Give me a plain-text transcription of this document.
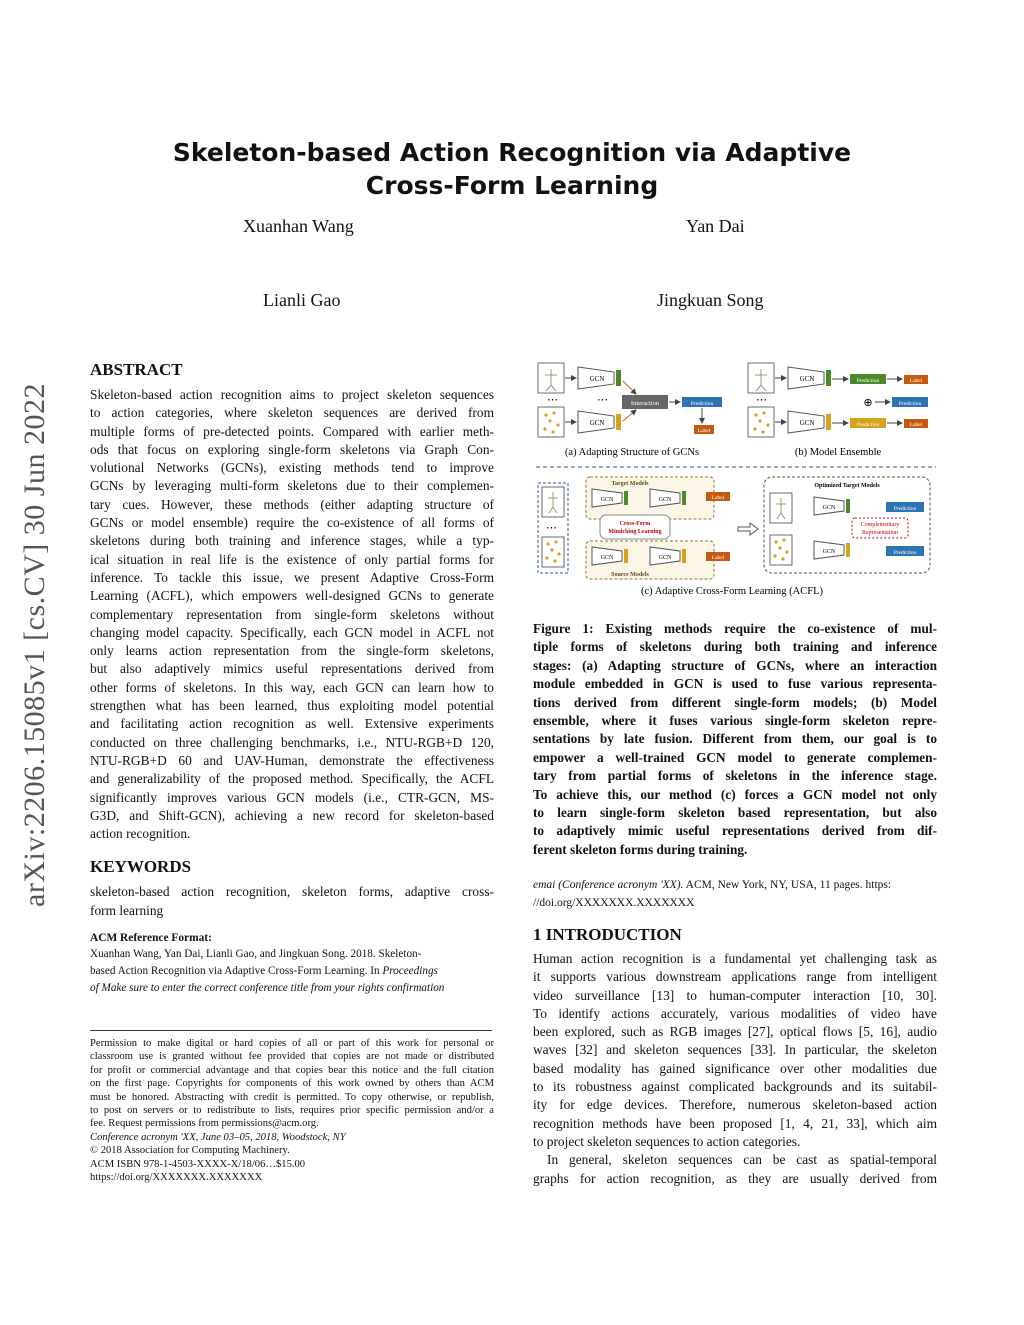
arXiv:2206.15085v1 [cs.CV] 30 Jun 2022
Skeleton-based Action Recognition via Adaptive
Cross-Form Learning
Xuanhan Wang	Yan Dai
Lianli Gao	Jingkuan Song
ABSTRACT
Skeleton-based action recognition aims to project skeleton sequences
to action categories, where skeleton sequences are derived from
multiple forms of pre-detected points. Compared with earlier meth-
ods that focus on exploring single-form skeletons via Graph Con-
volutional Networks (GCNs), existing methods tend to improve
GCNs by leveraging multi-form skeletons due to their complemen-
tary cues. However, these methods (either adapting structure of
GCNs or model ensemble) require the co-existence of all forms of
skeletons during both training and inference stages, while a typ-
ical situation in real life is the existence of only partial forms for
inference. To tackle this issue, we present Adaptive Cross-Form
Learning (ACFL), which empowers well-designed GCNs to generate
complementary representation from single-form skeletons without
changing model capacity. Specifically, each GCN model in ACFL not
only learns action representation from the single-form skeletons,
but also adaptively mimics useful representations derived from
other forms of skeletons. In this way, each GCN can learn how to
strengthen what has been learned, thus exploiting model potential
and facilitating action recognition as well. Extensive experiments
conducted on three challenging benchmarks, i.e., NTU-RGB+D 120,
NTU-RGB+D 60 and UAV-Human, demonstrate the effectiveness
and generalizability of the proposed method. Specifically, the ACFL
significantly improves various GCN models (i.e., CTR-GCN, MS-
G3D, and Shift-GCN), achieving a new record for skeleton-based
action recognition.
KEYWORDS
skeleton-based action recognition, skeleton forms, adaptive cross-
form learning
ACM Reference Format:
Xuanhan Wang, Yan Dai, Lianli Gao, and Jingkuan Song. 2018. Skeleton-
based Action Recognition via Adaptive Cross-Form Learning. In Proceedings
of Make sure to enter the correct conference title from your rights confirmation
Permission to make digital or hard copies of all or part of this work for personal or
classroom use is granted without fee provided that copies are not made or distributed
for profit or commercial advantage and that copies bear this notice and the full citation
on the first page. Copyrights for components of this work owned by others than ACM
must be honored. Abstracting with credit is permitted. To copy otherwise, or republish,
to post on servers or to redistribute to lists, requires prior specific permission and/or a
fee. Request permissions from permissions@acm.org.
Conference acronym 'XX, June 03–05, 2018, Woodstock, NY
© 2018 Association for Computing Machinery.
ACM ISBN 978-1-4503-XXXX-X/18/06…$15.00
https://doi.org/XXXXXXX.XXXXXXX
⋯
GCN
GCN
⋯	Interaction	Prediction
Label
(a) Adapting Structure of GCNs
⋯
GCN
GCN
Prediction	Label
Prediction	Label
⊕	Prediction
(b) Model Ensemble
⋯
Target Models
GCN	GCN	Label
Cross-Form
Mimicking Learning
GCN	GCN	Label
Source Models
Optimized Target Models
GCN
GCN
Complementary
Representation
Prediction
Prediction
(c) Adaptive Cross-Form Learning (ACFL)
Figure 1: Existing methods require the co-existence of mul-
tiple forms of skeletons during both training and inference
stages: (a) Adapting structure of GCNs, where an interaction
module embedded in GCN is used to fuse various representa-
tions derived from different single-form models; (b) Model
ensemble, where it fuses various single-form skeleton repre-
sentations by late fusion. Different from them, our goal is to
empower a well-trained GCN model to generate complemen-
tary from partial forms of skeletons in the inference stage.
To achieve this, our method (c) forces a GCN model not only
to learn single-form skeleton based representation, but also
to adaptively mimic useful representations derived from dif-
ferent skeleton forms during training.
emai (Conference acronym 'XX). ACM, New York, NY, USA, 11 pages. https:
//doi.org/XXXXXXX.XXXXXXX
1 INTRODUCTION
Human action recognition is a fundamental yet challenging task as
it supports various downstream applications range from intelligent
video surveillance [13] to human-computer interaction [10, 30].
To identify actions accurately, various modalities of video have
been explored, such as RGB images [27], optical flows [5, 16], audio
waves [32] and skeleton sequences [33]. In particular, the skeleton
based modality has gained significance over other modalities due
to its robustness against complicated backgrounds and its suitabil-
ity for edge devices. Therefore, numerous skeleton-based action
recognition methods have been proposed [1, 4, 21, 33], which aim
to project skeleton sequences to action categories.
In general, skeleton sequences can be cast as spatial-temporal
graphs for action recognition, as they are usually derived from
